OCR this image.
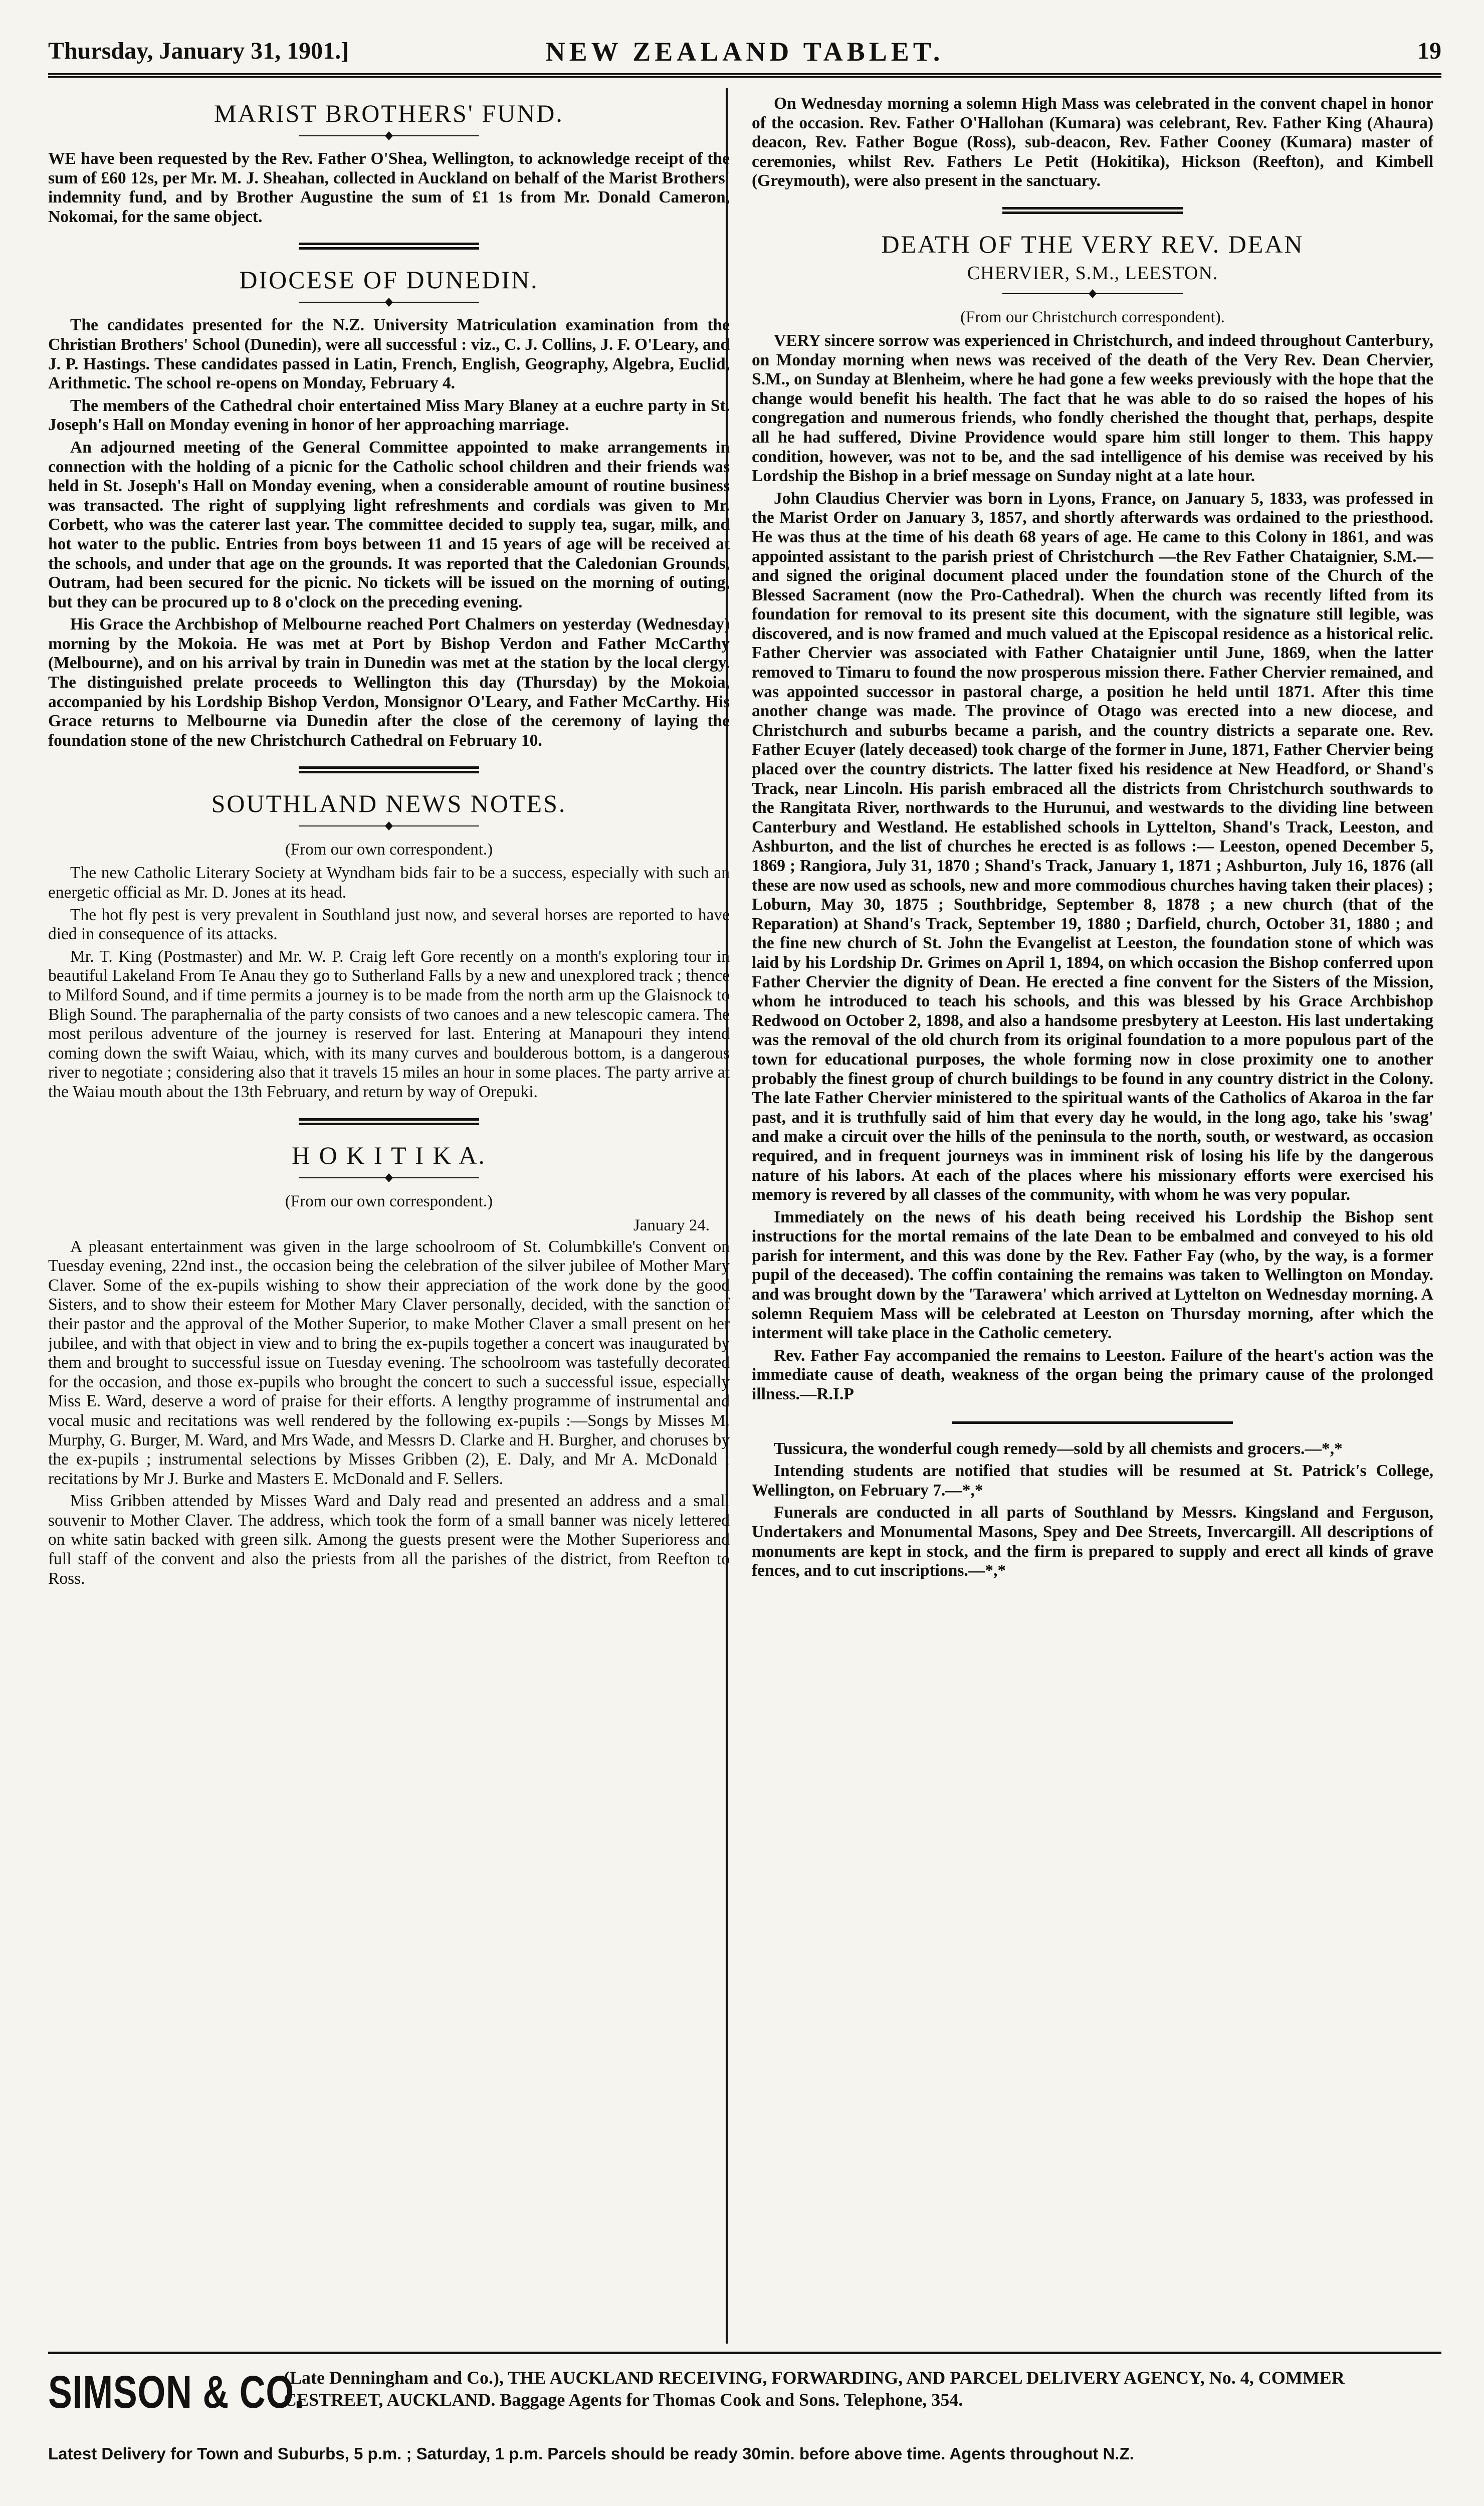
NEW ZEALAND TABLET.
Thursday, January 31, 1901.]	19
MARIST BROTHERS' FUND.

WE have been requested by the Rev. Father O'Shea, Wellington, to acknowledge receipt of the sum of £60 12s, per Mr. M. J. Sheahan, collected in Auckland on behalf of the Marist Brothers' indemnity fund, and by Brother Augustine the sum of £1 1s from Mr. Donald Cameron, Nokomai, for the same object.

DIOCESE OF DUNEDIN.

The candidates presented for the N.Z. University Matriculation examination from the Christian Brothers' School (Dunedin), were all successful : viz., C. J. Collins, J. F. O'Leary, and J. P. Hastings. These candidates passed in Latin, French, English, Geography, Algebra, Euclid, Arithmetic. The school re-opens on Monday, February 4.

The members of the Cathedral choir entertained Miss Mary Blaney at a euchre party in St. Joseph's Hall on Monday evening in honor of her approaching marriage.

An adjourned meeting of the General Committee appointed to make arrangements in connection with the holding of a picnic for the Catholic school children and their friends was held in St. Joseph's Hall on Monday evening, when a considerable amount of routine business was transacted. The right of supplying light refreshments and cordials was given to Mr. Corbett, who was the caterer last year. The committee decided to supply tea, sugar, milk, and hot water to the public. Entries from boys between 11 and 15 years of age will be received at the schools, and under that age on the grounds. It was reported that the Caledonian Grounds, Outram, had been secured for the picnic. No tickets will be issued on the morning of outing, but they can be procured up to 8 o'clock on the preceding evening.

His Grace the Archbishop of Melbourne reached Port Chalmers on yesterday (Wednesday) morning by the Mokoia. He was met at Port by Bishop Verdon and Father McCarthy (Melbourne), and on his arrival by train in Dunedin was met at the station by the local clergy. The distinguished prelate proceeds to Wellington this day (Thursday) by the Mokoia, accompanied by his Lordship Bishop Verdon, Monsignor O'Leary, and Father McCarthy. His Grace returns to Melbourne via Dunedin after the close of the ceremony of laying the foundation stone of the new Christchurch Cathedral on February 10.

SOUTHLAND NEWS NOTES.
(From our own correspondent.)

The new Catholic Literary Society at Wyndham bids fair to be a success, especially with such an energetic official as Mr. D. Jones at its head.

The hot fly pest is very prevalent in Southland just now, and several horses are reported to have died in consequence of its attacks.

Mr. T. King (Postmaster) and Mr. W. P. Craig left Gore recently on a month's exploring tour in beautiful Lakeland From Te Anau they go to Sutherland Falls by a new and unexplored track ; thence to Milford Sound, and if time permits a journey is to be made from the north arm up the Glaisnock to Bligh Sound. The paraphernalia of the party consists of two canoes and a new telescopic camera. The most perilous adventure of the journey is reserved for last. Entering at Manapouri they intend coming down the swift Waiau, which, with its many curves and boulderous bottom, is a dangerous river to negotiate ; considering also that it travels 15 miles an hour in some places. The party arrive at the Waiau mouth about the 13th February, and return by way of Orepuki.

H O K I T I K A.
(From our own correspondent.)
January 24.

A pleasant entertainment was given in the large schoolroom of St. Columbkille's Convent on Tuesday evening, 22nd inst., the occasion being the celebration of the silver jubilee of Mother Mary Claver. Some of the ex-pupils wishing to show their appreciation of the work done by the good Sisters, and to show their esteem for Mother Mary Claver personally, decided, with the sanction of their pastor and the approval of the Mother Superior, to make Mother Claver a small present on her jubilee, and with that object in view and to bring the ex-pupils together a concert was inaugurated by them and brought to successful issue on Tuesday evening. The schoolroom was tastefully decorated for the occasion, and those ex-pupils who brought the concert to such a successful issue, especially Miss E. Ward, deserve a word of praise for their efforts. A lengthy programme of instrumental and vocal music and recitations was well rendered by the following ex-pupils :—Songs by Misses M. Murphy, G. Burger, M. Ward, and Mrs Wade, and Messrs D. Clarke and H. Burgher, and choruses by the ex-pupils ; instrumental selections by Misses Gribben (2), E. Daly, and Mr A. McDonald ; recitations by Mr J. Burke and Masters E. McDonald and F. Sellers.

Miss Gribben attended by Misses Ward and Daly read and presented an address and a small souvenir to Mother Claver. The address, which took the form of a small banner was nicely lettered on white satin backed with green silk. Among the guests present were the Mother Superioress and full staff of the convent and also the priests from all the parishes of the district, from Reefton to Ross.

On Wednesday morning a solemn High Mass was celebrated in the convent chapel in honor of the occasion. Rev. Father O'Hallohan (Kumara) was celebrant, Rev. Father King (Ahaura) deacon, Rev. Father Bogue (Ross), sub-deacon, Rev. Father Cooney (Kumara) master of ceremonies, whilst Rev. Fathers Le Petit (Hokitika), Hickson (Reefton), and Kimbell (Greymouth), were also present in the sanctuary.

DEATH OF THE VERY REV. DEAN
CHERVIER, S.M., LEESTON.
(From our Christchurch correspondent).

VERY sincere sorrow was experienced in Christchurch, and indeed throughout Canterbury, on Monday morning when news was received of the death of the Very Rev. Dean Chervier, S.M., on Sunday at Blenheim, where he had gone a few weeks previously with the hope that the change would benefit his health. The fact that he was able to do so raised the hopes of his congregation and numerous friends, who fondly cherished the thought that, perhaps, despite all he had suffered, Divine Providence would spare him still longer to them. This happy condition, however, was not to be, and the sad intelligence of his demise was received by his Lordship the Bishop in a brief message on Sunday night at a late hour.

John Claudius Chervier was born in Lyons, France, on January 5, 1833, was professed in the Marist Order on January 3, 1857, and shortly afterwards was ordained to the priesthood. He was thus at the time of his death 68 years of age. He came to this Colony in 1861, and was appointed assistant to the parish priest of Christchurch —the Rev Father Chataignier, S.M.—and signed the original document placed under the foundation stone of the Church of the Blessed Sacrament (now the Pro-Cathedral). When the church was recently lifted from its foundation for removal to its present site this document, with the signature still legible, was discovered, and is now framed and much valued at the Episcopal residence as a historical relic. Father Chervier was associated with Father Chataignier until June, 1869, when the latter removed to Timaru to found the now prosperous mission there. Father Chervier remained, and was appointed successor in pastoral charge, a position he held until 1871. After this time another change was made. The province of Otago was erected into a new diocese, and Christchurch and suburbs became a parish, and the country districts a separate one. Rev. Father Ecuyer (lately deceased) took charge of the former in June, 1871, Father Chervier being placed over the country districts. The latter fixed his residence at New Headford, or Shand's Track, near Lincoln. His parish embraced all the districts from Christchurch southwards to the Rangitata River, northwards to the Hurunui, and westwards to the dividing line between Canterbury and Westland. He established schools in Lyttelton, Shand's Track, Leeston, and Ashburton, and the list of churches he erected is as follows :— Leeston, opened December 5, 1869 ; Rangiora, July 31, 1870 ; Shand's Track, January 1, 1871 ; Ashburton, July 16, 1876 (all these are now used as schools, new and more commodious churches having taken their places) ; Loburn, May 30, 1875 ; Southbridge, September 8, 1878 ; a new church (that of the Reparation) at Shand's Track, September 19, 1880 ; Darfield, church, October 31, 1880 ; and the fine new church of St. John the Evangelist at Leeston, the foundation stone of which was laid by his Lordship Dr. Grimes on April 1, 1894, on which occasion the Bishop conferred upon Father Chervier the dignity of Dean. He erected a fine convent for the Sisters of the Mission, whom he introduced to teach his schools, and this was blessed by his Grace Archbishop Redwood on October 2, 1898, and also a handsome presbytery at Leeston. His last undertaking was the removal of the old church from its original foundation to a more populous part of the town for educational purposes, the whole forming now in close proximity one to another probably the finest group of church buildings to be found in any country district in the Colony. The late Father Chervier ministered to the spiritual wants of the Catholics of Akaroa in the far past, and it is truthfully said of him that every day he would, in the long ago, take his 'swag' and make a circuit over the hills of the peninsula to the north, south, or westward, as occasion required, and in frequent journeys was in imminent risk of losing his life by the dangerous nature of his labors. At each of the places where his missionary efforts were exercised his memory is revered by all classes of the community, with whom he was very popular.

Immediately on the news of his death being received his Lordship the Bishop sent instructions for the mortal remains of the late Dean to be embalmed and conveyed to his old parish for interment, and this was done by the Rev. Father Fay (who, by the way, is a former pupil of the deceased). The coffin containing the remains was taken to Wellington on Monday. and was brought down by the 'Tarawera' which arrived at Lyttelton on Wednesday morning. A solemn Requiem Mass will be celebrated at Leeston on Thursday morning, after which the interment will take place in the Catholic cemetery.

Rev. Father Fay accompanied the remains to Leeston. Failure of the heart's action was the immediate cause of death, weakness of the organ being the primary cause of the prolonged illness.—R.I.P

Tussicura, the wonderful cough remedy—sold by all chemists and grocers.—*,*

Intending students are notified that studies will be resumed at St. Patrick's College, Wellington, on February 7.—*,*

Funerals are conducted in all parts of Southland by Messrs. Kingsland and Ferguson, Undertakers and Monumental Masons, Spey and Dee Streets, Invercargill. All descriptions of monuments are kept in stock, and the firm is prepared to supply and erect all kinds of grave fences, and to cut inscriptions.—*,*

SIMSON & CO.
(Late Denningham and Co.), THE AUCKLAND RECEIVING, FORWARDING, AND PARCEL DELIVERY AGENCY, No. 4, COMMER CESTREET, AUCKLAND. Baggage Agents for Thomas Cook and Sons. Telephone, 354.
Latest Delivery for Town and Suburbs, 5 p.m. ; Saturday, 1 p.m. Parcels should be ready 30min. before above time. Agents throughout N.Z.
